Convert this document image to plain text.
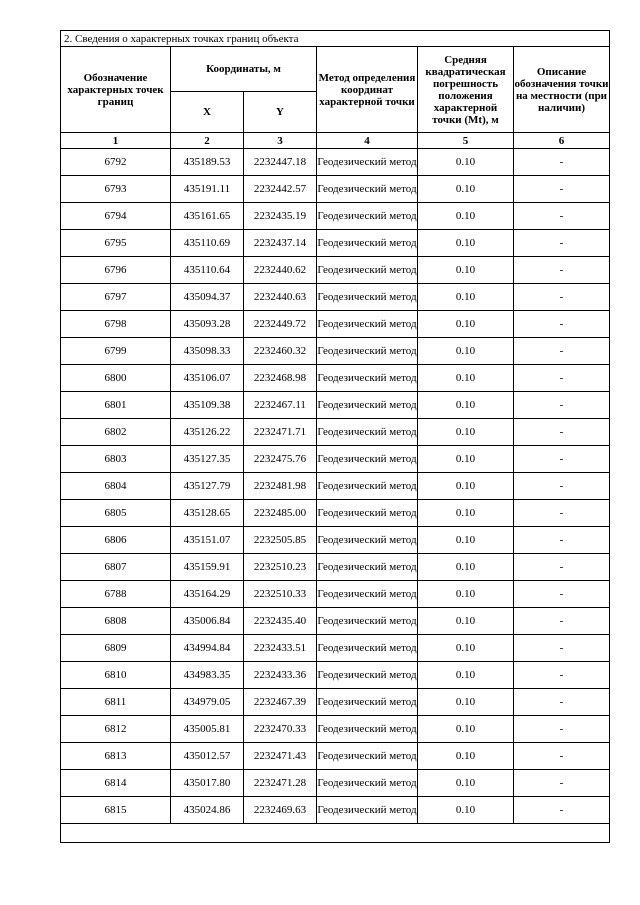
2. Сведения о характерных точках границ объекта					
Обозначение характерных точек границ	Координаты, м		Метод определения координат характерной точки	Средняя квадратическая погрешность положения характерной точки (Mt), м	Описание обозначения точки на местности (при наличии)
	X	Y			
1	2	3	4	5	6
6792	435189.53	2232447.18	Геодезический метод	0.10	-
6793	435191.11	2232442.57	Геодезический метод	0.10	-
6794	435161.65	2232435.19	Геодезический метод	0.10	-
6795	435110.69	2232437.14	Геодезический метод	0.10	-
6796	435110.64	2232440.62	Геодезический метод	0.10	-
6797	435094.37	2232440.63	Геодезический метод	0.10	-
6798	435093.28	2232449.72	Геодезический метод	0.10	-
6799	435098.33	2232460.32	Геодезический метод	0.10	-
6800	435106.07	2232468.98	Геодезический метод	0.10	-
6801	435109.38	2232467.11	Геодезический метод	0.10	-
6802	435126.22	2232471.71	Геодезический метод	0.10	-
6803	435127.35	2232475.76	Геодезический метод	0.10	-
6804	435127.79	2232481.98	Геодезический метод	0.10	-
6805	435128.65	2232485.00	Геодезический метод	0.10	-
6806	435151.07	2232505.85	Геодезический метод	0.10	-
6807	435159.91	2232510.23	Геодезический метод	0.10	-
6788	435164.29	2232510.33	Геодезический метод	0.10	-
6808	435006.84	2232435.40	Геодезический метод	0.10	-
6809	434994.84	2232433.51	Геодезический метод	0.10	-
6810	434983.35	2232433.36	Геодезический метод	0.10	-
6811	434979.05	2232467.39	Геодезический метод	0.10	-
6812	435005.81	2232470.33	Геодезический метод	0.10	-
6813	435012.57	2232471.43	Геодезический метод	0.10	-
6814	435017.80	2232471.28	Геодезический метод	0.10	-
6815	435024.86	2232469.63	Геодезический метод	0.10	-
